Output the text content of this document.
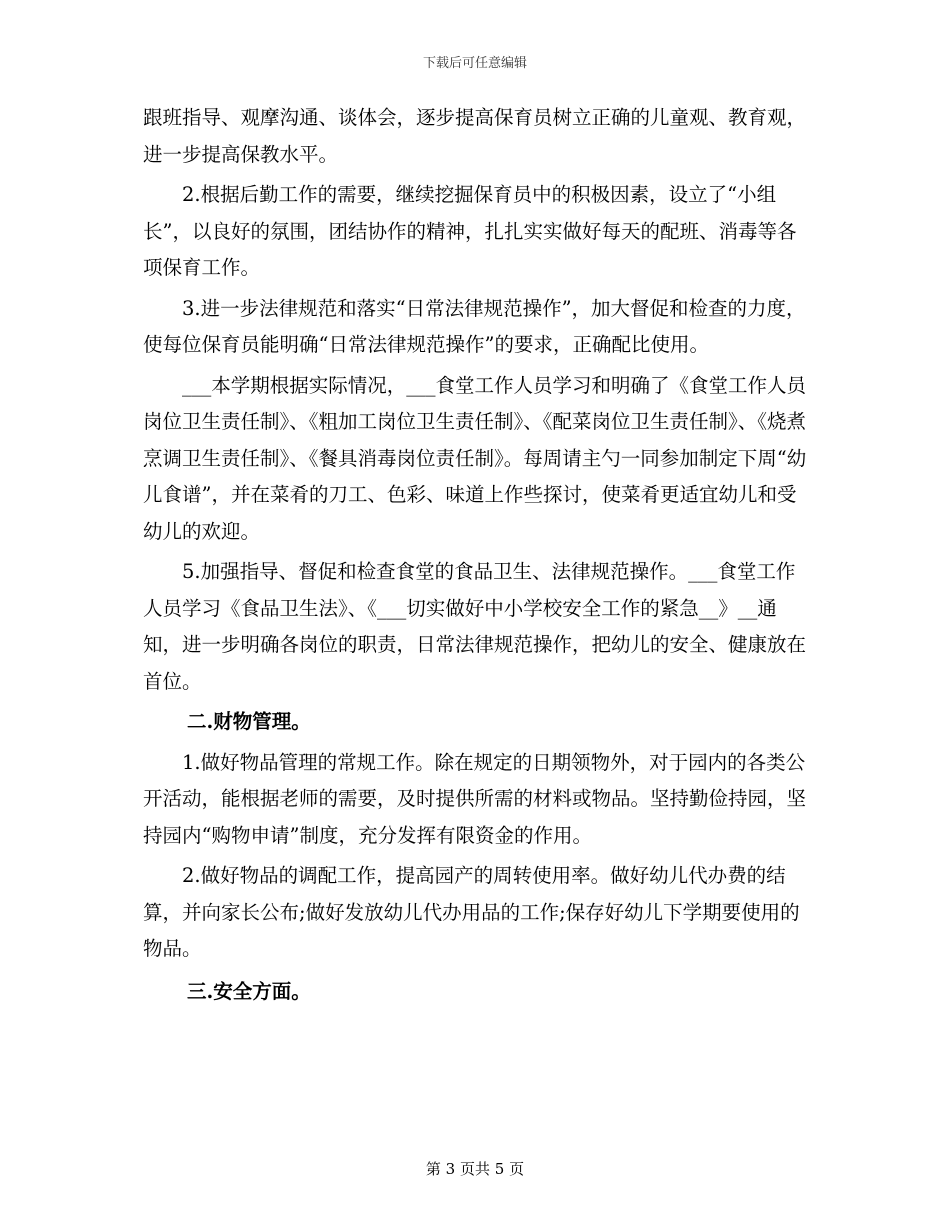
下载后可任意编辑

跟班指导、观摩沟通、谈体会，逐步提高保育员树立正确的儿童观、教育观，进一步提高保教水平。

2.根据后勤工作的需要，继续挖掘保育员中的积极因素，设立了“小组长”，以良好的氛围，团结协作的精神，扎扎实实做好每天的配班、消毒等各项保育工作。

3.进一步法律规范和落实“日常法律规范操作”，加大督促和检查的力度，使每位保育员能明确“日常法律规范操作”的要求，正确配比使用。

___本学期根据实际情况，___食堂工作人员学习和明确了《食堂工作人员岗位卫生责任制》、《粗加工岗位卫生责任制》、《配菜岗位卫生责任制》、《烧煮烹调卫生责任制》、《餐具消毒岗位责任制》。每周请主勺一同参加制定下周“幼儿食谱”，并在菜肴的刀工、色彩、味道上作些探讨，使菜肴更适宜幼儿和受幼儿的欢迎。

5.加强指导、督促和检查食堂的食品卫生、法律规范操作。___食堂工作人员学习《食品卫生法》、《___切实做好中小学校安全工作的紧急__》__通知，进一步明确各岗位的职责，日常法律规范操作，把幼儿的安全、健康放在首位。

二.财物管理。

1.做好物品管理的常规工作。除在规定的日期领物外，对于园内的各类公开活动，能根据老师的需要，及时提供所需的材料或物品。坚持勤俭持园，坚持园内“购物申请”制度，充分发挥有限资金的作用。

2.做好物品的调配工作，提高园产的周转使用率。做好幼儿代办费的结算，并向家长公布;做好发放幼儿代办用品的工作;保存好幼儿下学期要使用的物品。

三.安全方面。

第 3 页共 5 页
